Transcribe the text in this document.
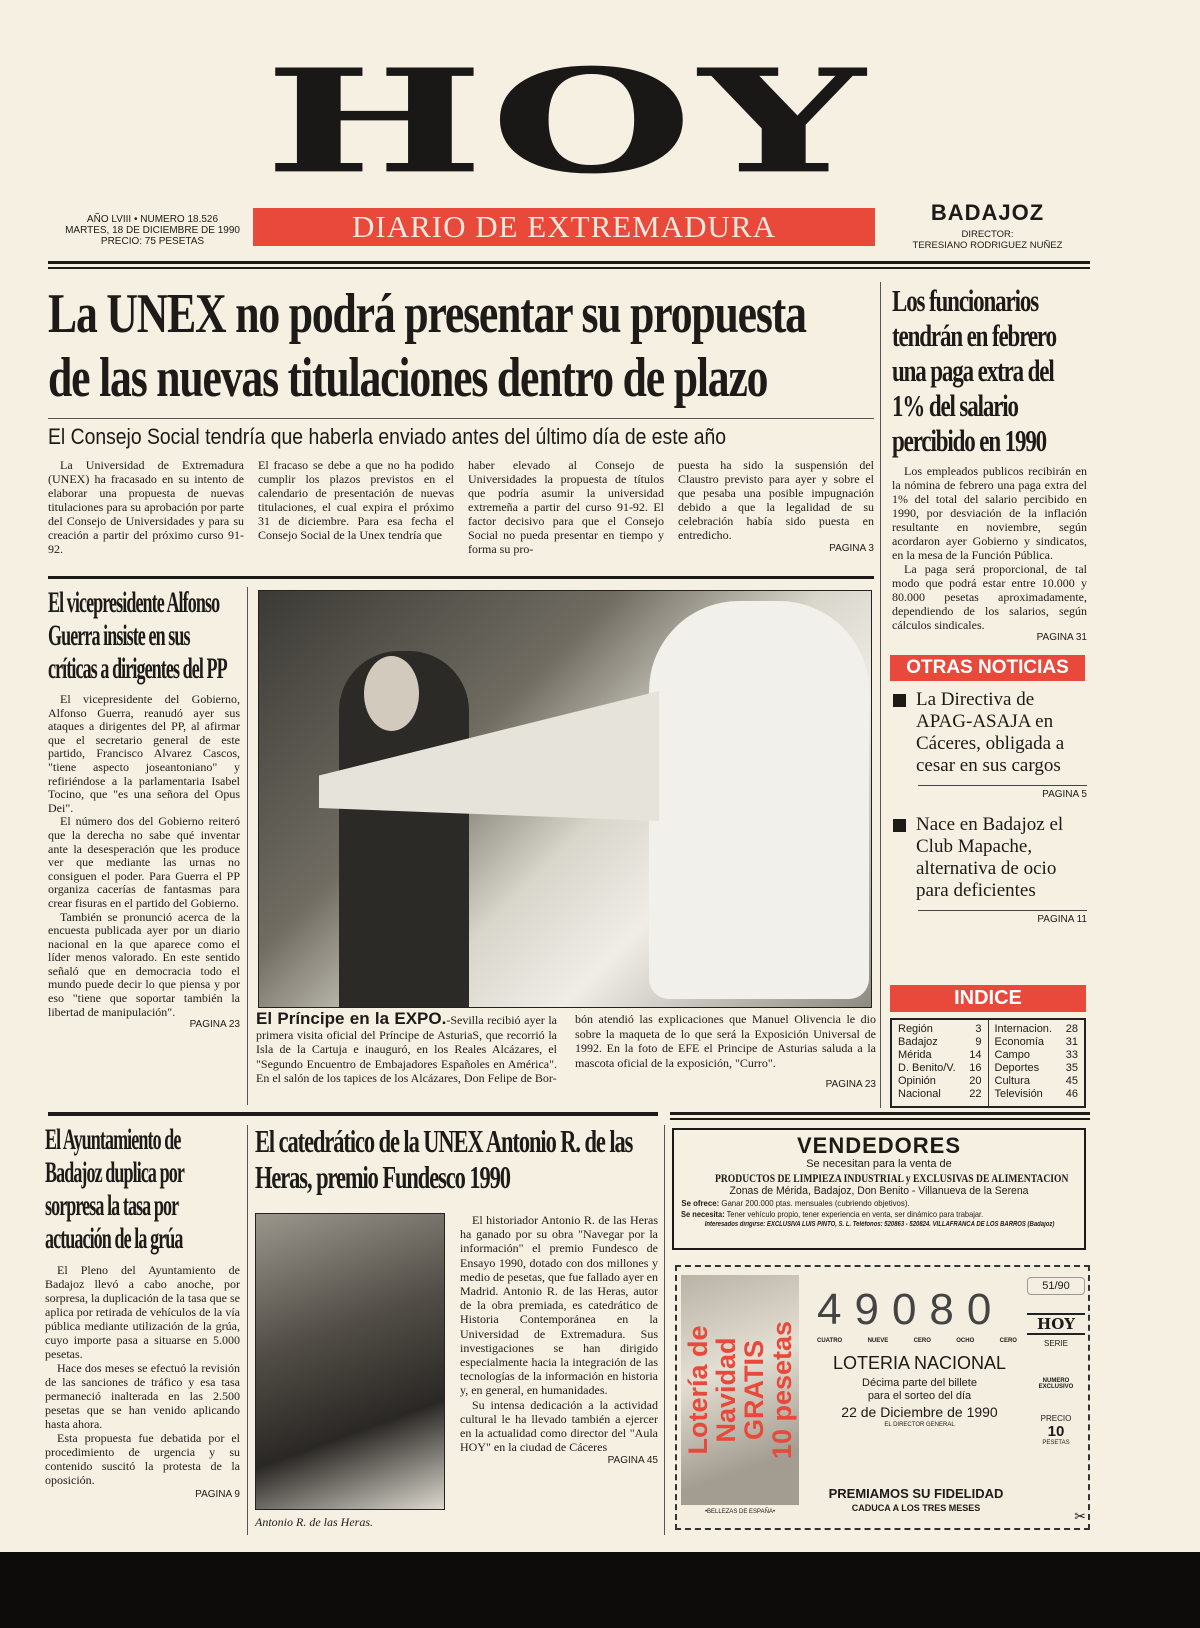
HOY
DIARIO DE EXTREMADURA
AÑO LVIII • NUMERO 18.526
MARTES, 18 DE DICIEMBRE DE 1990
PRECIO: 75 PESETAS
BADAJOZ
DIRECTOR:
TERESIANO RODRIGUEZ NUÑEZ
La UNEX no podrá presentar su propuesta
de las nuevas titulaciones dentro de plazo
El Consejo Social tendría que haberla enviado antes del último día de este año

La Universidad de Extremadura (UNEX) ha fracasado en su intento de elaborar una propuesta de nuevas titulaciones para su aprobación por parte del Consejo de Universidades y para su creación a partir del próximo curso 91-92.

El fracaso se debe a que no ha podido cumplir los plazos previstos en el calendario de presentación de nuevas titulaciones, el cual expira el próximo 31 de diciembre. Para esa fecha el Consejo Social de la Unex tendría que

haber elevado al Consejo de Universidades la propuesta de títulos que podría asumir la universidad extremeña a partir del curso 91-92. El factor decisivo para que el Consejo Social no pueda presentar en tiempo y forma su pro-

puesta ha sido la suspensión del Claustro previsto para ayer y sobre el que pesaba una posible impugnación debido a que la legalidad de su celebración había sido puesta en entredicho.

PAGINA 3
Los funcionarios tendrán en febrero una paga extra del 1% del salario percibido en 1990

Los empleados publicos recibirán en la nómina de febrero una paga extra del 1% del total del salario percibido en 1990, por desviación de la inflación resultante en noviembre, según acordaron ayer Gobierno y sindicatos, en la mesa de la Función Pública.

La paga será proporcional, de tal modo que podrá estar entre 10.000 y 80.000 pesetas aproximadamente, dependiendo de los salarios, según cálculos sindicales.

PAGINA 31
OTRAS NOTICIAS
La Directiva de APAG-ASAJA en Cáceres, obligada a cesar en sus cargos
PAGINA 5
Nace en Badajoz el Club Mapache, alternativa de ocio para deficientes
PAGINA 11
INDICE
Región	3
Badajoz	9
Mérida	14
D. Benito/V. 16
Opinión	20
Nacional	22
Internacion. 28
Economía 31
Campo	33
Deportes 35
Cultura	45
Televisión 46
El vicepresidente Alfonso Guerra insiste en sus críticas a dirigentes del PP

El vicepresidente del Gobierno, Alfonso Guerra, reanudó ayer sus ataques a dirigentes del PP, al afirmar que el secretario general de este partido, Francisco Alvarez Cascos, "tiene aspecto joseantoniano" y refiriéndose a la parlamentaria Isabel Tocino, que "es una señora del Opus Dei".

El número dos del Gobierno reiteró que la derecha no sabe qué inventar ante la desesperación que les produce ver que mediante las urnas no consiguen el poder. Para Guerra el PP organiza cacerías de fantasmas para crear fisuras en el partido del Gobierno.

También se pronunció acerca de la encuesta publicada ayer por un diario nacional en la que aparece como el líder menos valorado. En este sentido señaló que en democracia todo el mundo puede decir lo que piensa y por eso "tiene que soportar también la libertad de manipulación".

PAGINA 23 El Príncipe en la EXPO.-Sevilla recibió ayer la primera visita oficial del Príncipe de AsturiaS, que recorrió la Isla de la Cartuja e inauguró, en los Reales Alcázares, el "Segundo Encuentro de Embajadores Españoles en América". En el salón de los tapices de los Alcázares, Don Felipe de Bor-
bón atendió las explicaciones que Manuel Olivencia le dio sobre la maqueta de lo que será la Exposición Universal de 1992. En la foto de EFE el Principe de Asturias saluda a la mascota oficial de la exposición, "Curro".
PAGINA 23
El Ayuntamiento de Badajoz duplica por sorpresa la tasa por actuación de la grúa

El Pleno del Ayuntamiento de Badajoz llevó a cabo anoche, por sorpresa, la duplicación de la tasa que se aplica por retirada de vehículos de la vía pública mediante utilización de la grúa, cuyo importe pasa a situarse en 5.000 pesetas.

Hace dos meses se efectuó la revisión de las sanciones de tráfico y esa tasa permaneció inalterada en las 2.500 pesetas que se han venido aplicando hasta ahora.

Esta propuesta fue debatida por el procedimiento de urgencia y su contenido suscitó la protesta de la oposición.

PAGINA 9
El catedrático de la UNEX Antonio R. de las Heras, premio Fundesco 1990
Antonio R. de las Heras.

El historiador Antonio R. de las Heras ha ganado por su obra "Navegar por la información" el premio Fundesco de Ensayo 1990, dotado con dos millones y medio de pesetas, que fue fallado ayer en Madrid. Antonio R. de las Heras, autor de la obra premiada, es catedrático de Historia Contemporánea en la Universidad de Extremadura. Sus investigaciones se han dirigido especialmente hacia la integración de las tecnologías de la información en historia y, en general, en humanidades.

Su intensa dedicación a la actividad cultural le ha llevado también a ejercer en la actualidad como director del "Aula HOY" en la ciudad de Cáceres

PAGINA 45
VENDEDORES
Se necesitan para la venta de
PRODUCTOS DE LIMPIEZA INDUSTRIAL y EXCLUSIVAS DE ALIMENTACION
Zonas de Mérida, Badajoz, Don Benito - Villanueva de la Serena
Se ofrece: Ganar 200.000 ptas. mensuales (cubriendo objetivos).
Se necesita: Tener vehículo propio, tener experiencia en venta, ser dinámico para trabajar.
Interesados dirigirse: EXCLUSIVA LUIS PINTO, S. L. Teléfonos: 520863 - 520824. VILLAFRANCA DE LOS BARROS (Badajoz)
Lotería de Navidad
GRATIS
10 pesetas
•BELLEZAS DE ESPAÑA•
49080
CUATRO	NUEVE	CERO	OCHO	CERO
LOTERIA NACIONAL
Décima parte del billete
para el sorteo del día
22 de Diciembre de 1990
EL DIRECTOR GENERAL
51/90
HOY
SERIE
NUMERO EXCLUSIVO
PRECIO
10
PESETAS
PREMIAMOS SU FIDELIDAD
CADUCA A LOS TRES MESES
✂
